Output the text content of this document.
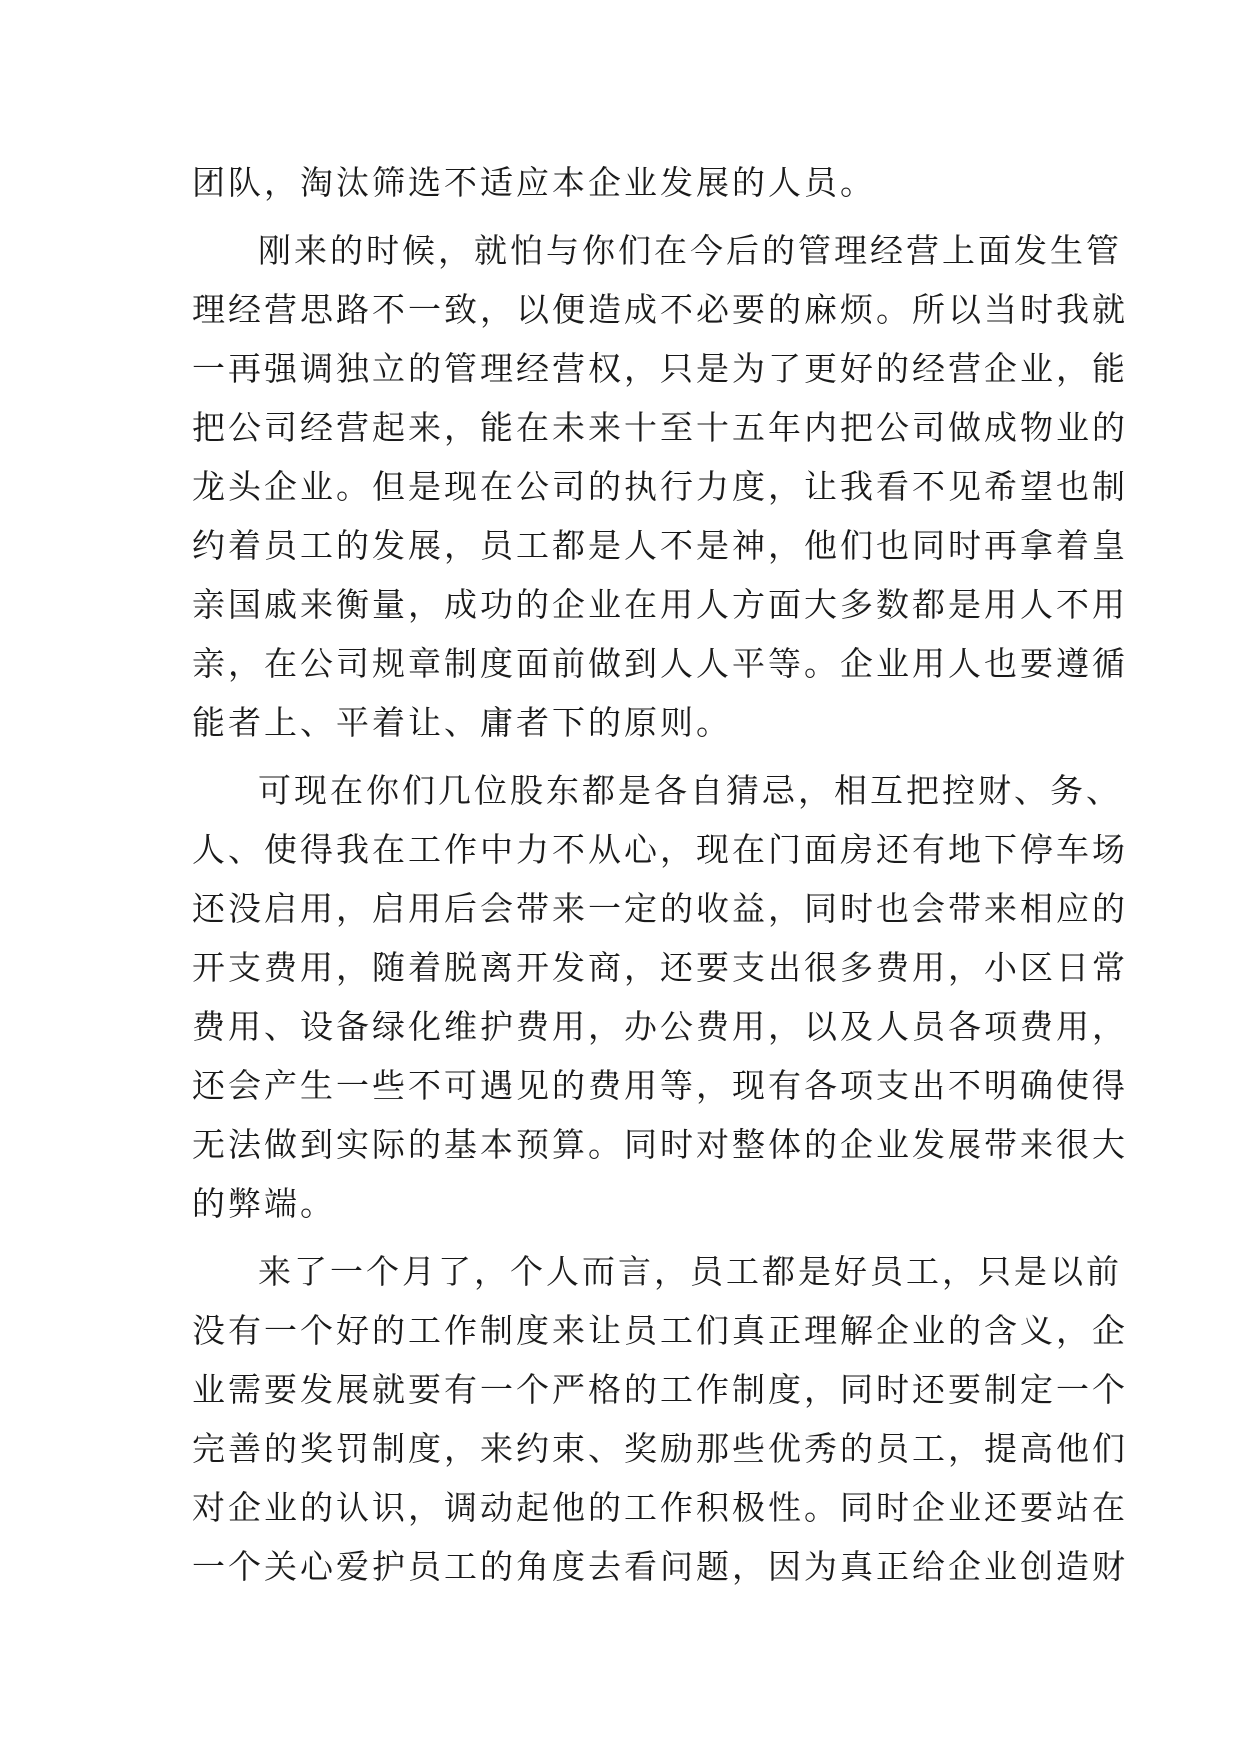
团队，淘汰筛选不适应本企业发展的人员。
刚来的时候，就怕与你们在今后的管理经营上面发生管
理经营思路不一致，以便造成不必要的麻烦。所以当时我就
一再强调独立的管理经营权，只是为了更好的经营企业，能
把公司经营起来，能在未来十至十五年内把公司做成物业的
龙头企业。但是现在公司的执行力度，让我看不见希望也制
约着员工的发展，员工都是人不是神，他们也同时再拿着皇
亲国戚来衡量，成功的企业在用人方面大多数都是用人不用
亲，在公司规章制度面前做到人人平等。企业用人也要遵循
能者上、平着让、庸者下的原则。
可现在你们几位股东都是各自猜忌，相互把控财、务、
人、使得我在工作中力不从心，现在门面房还有地下停车场
还没启用，启用后会带来一定的收益，同时也会带来相应的
开支费用，随着脱离开发商，还要支出很多费用，小区日常
费用、设备绿化维护费用，办公费用，以及人员各项费用，
还会产生一些不可遇见的费用等，现有各项支出不明确使得
无法做到实际的基本预算。同时对整体的企业发展带来很大
的弊端。
来了一个月了，个人而言，员工都是好员工，只是以前
没有一个好的工作制度来让员工们真正理解企业的含义，企
业需要发展就要有一个严格的工作制度，同时还要制定一个
完善的奖罚制度，来约束、奖励那些优秀的员工，提高他们
对企业的认识，调动起他的工作积极性。同时企业还要站在
一个关心爱护员工的角度去看问题，因为真正给企业创造财
